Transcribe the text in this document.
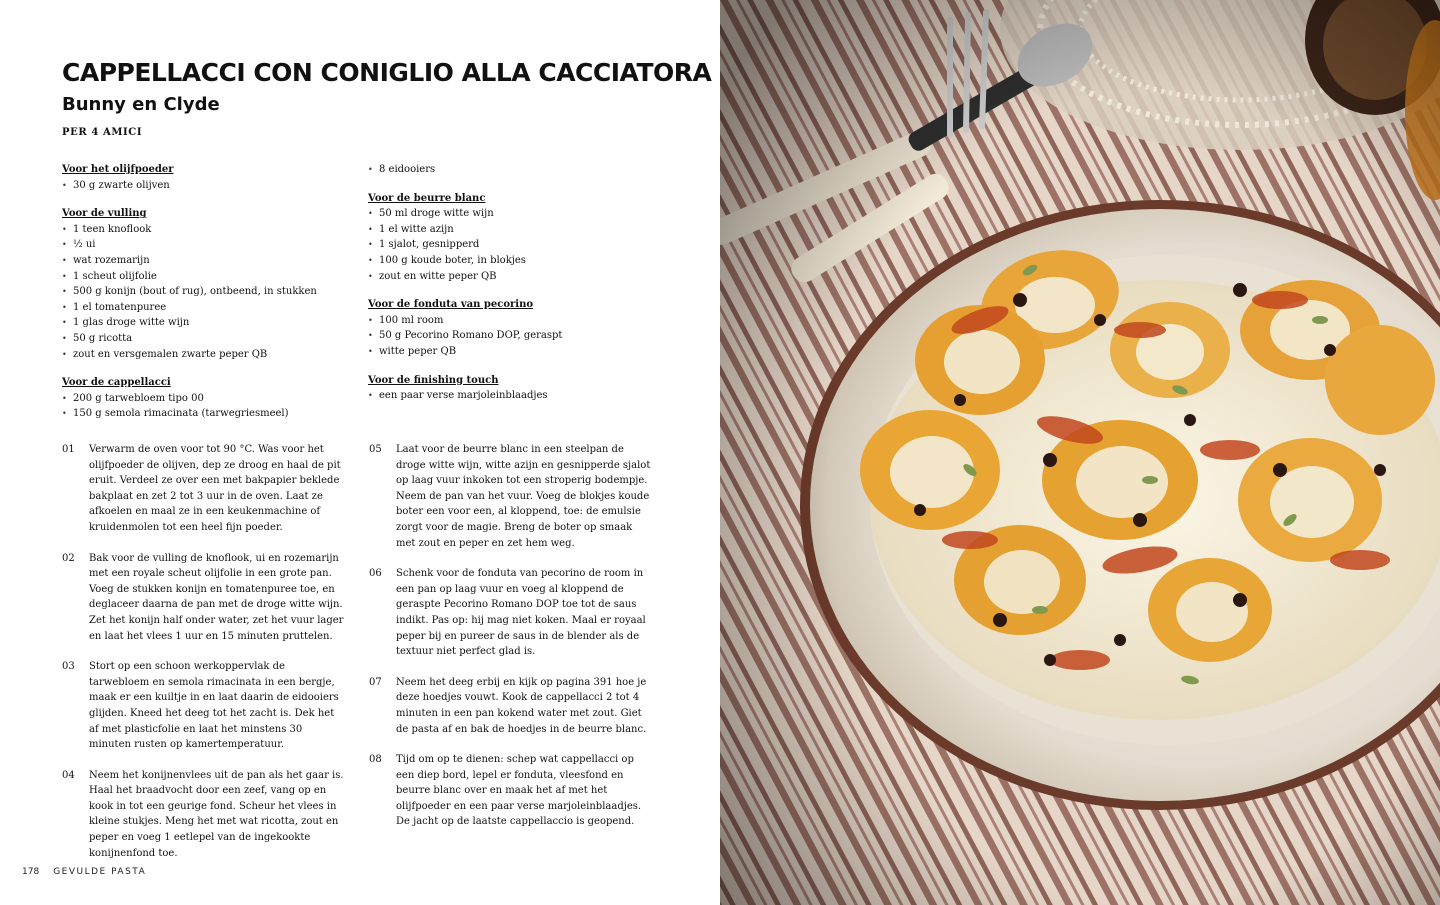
CAPPELLACCI CON CONIGLIO ALLA CACCIATORA
Bunny en Clyde
PER 4 AMICI
Voor het olijfpoeder
• 30 g zwarte olijven
Voor de vulling
• 1 teen knoflook
• ½ ui
• wat rozemarijn
• 1 scheut olijfolie
• 500 g konijn (bout of rug), ontbeend, in stukken
• 1 el tomatenpuree
• 1 glas droge witte wijn
• 50 g ricotta
• zout en versgemalen zwarte peper QB
Voor de cappellacci
• 200 g tarwebloem tipo 00
• 150 g semola rimacinata (tarwegriesmeel)
• 8 eidooiers
Voor de beurre blanc
• 50 ml droge witte wijn
• 1 el witte azijn
• 1 sjalot, gesnipperd
• 100 g koude boter, in blokjes
• zout en witte peper QB
Voor de fonduta van pecorino
• 100 ml room
• 50 g Pecorino Romano DOP, geraspt
• witte peper QB
Voor de finishing touch
• een paar verse marjoleinblaadjes
01	Verwarm de oven voor tot 90 °C. Was voor het olijfpoeder de olijven, dep ze droog en haal de pit eruit. Verdeel ze over een met bakpapier beklede bakplaat en zet 2 tot 3 uur in de oven. Laat ze afkoelen en maal ze in een keukenmachine of kruidenmolen tot een heel fijn poeder.
02	Bak voor de vulling de knoflook, ui en rozemarijn met een royale scheut olijfolie in een grote pan. Voeg de stukken konijn en tomatenpuree toe, en deglaceer daarna de pan met de droge witte wijn. Zet het konijn half onder water, zet het vuur lager en laat het vlees 1 uur en 15 minuten pruttelen.
03	Stort op een schoon werkoppervlak de tarwebloem en semola rimacinata in een bergje, maak er een kuiltje in en laat daarin de eidooiers glijden. Kneed het deeg tot het zacht is. Dek het af met plasticfolie en laat het minstens 30 minuten rusten op kamertemperatuur.
04	Neem het konijnenvlees uit de pan als het gaar is. Haal het braadvocht door een zeef, vang op en kook in tot een geurige fond. Scheur het vlees in kleine stukjes. Meng het met wat ricotta, zout en peper en voeg 1 eetlepel van de ingekookte konijnenfond toe.
05	Laat voor de beurre blanc in een steelpan de droge witte wijn, witte azijn en gesnipperde sjalot op laag vuur inkoken tot een stroperig bodempje. Neem de pan van het vuur. Voeg de blokjes koude boter een voor een, al kloppend, toe: de emulsie zorgt voor de magie. Breng de boter op smaak met zout en peper en zet hem weg.
06	Schenk voor de fonduta van pecorino de room in een pan op laag vuur en voeg al kloppend de geraspte Pecorino Romano DOP toe tot de saus indikt. Pas op: hij mag niet koken. Maal er royaal peper bij en pureer de saus in de blender als de textuur niet perfect glad is.
07	Neem het deeg erbij en kijk op pagina 391 hoe je deze hoedjes vouwt. Kook de cappellacci 2 tot 4 minuten in een pan kokend water met zout. Giet de pasta af en bak de hoedjes in de beurre blanc.
08	Tijd om op te dienen: schep wat cappellacci op een diep bord, lepel er fonduta, vleesfond en beurre blanc over en maak het af met het olijfpoeder en een paar verse marjoleinblaadjes. De jacht op de laatste cappellaccio is geopend.
178 GEVULDE PASTA
